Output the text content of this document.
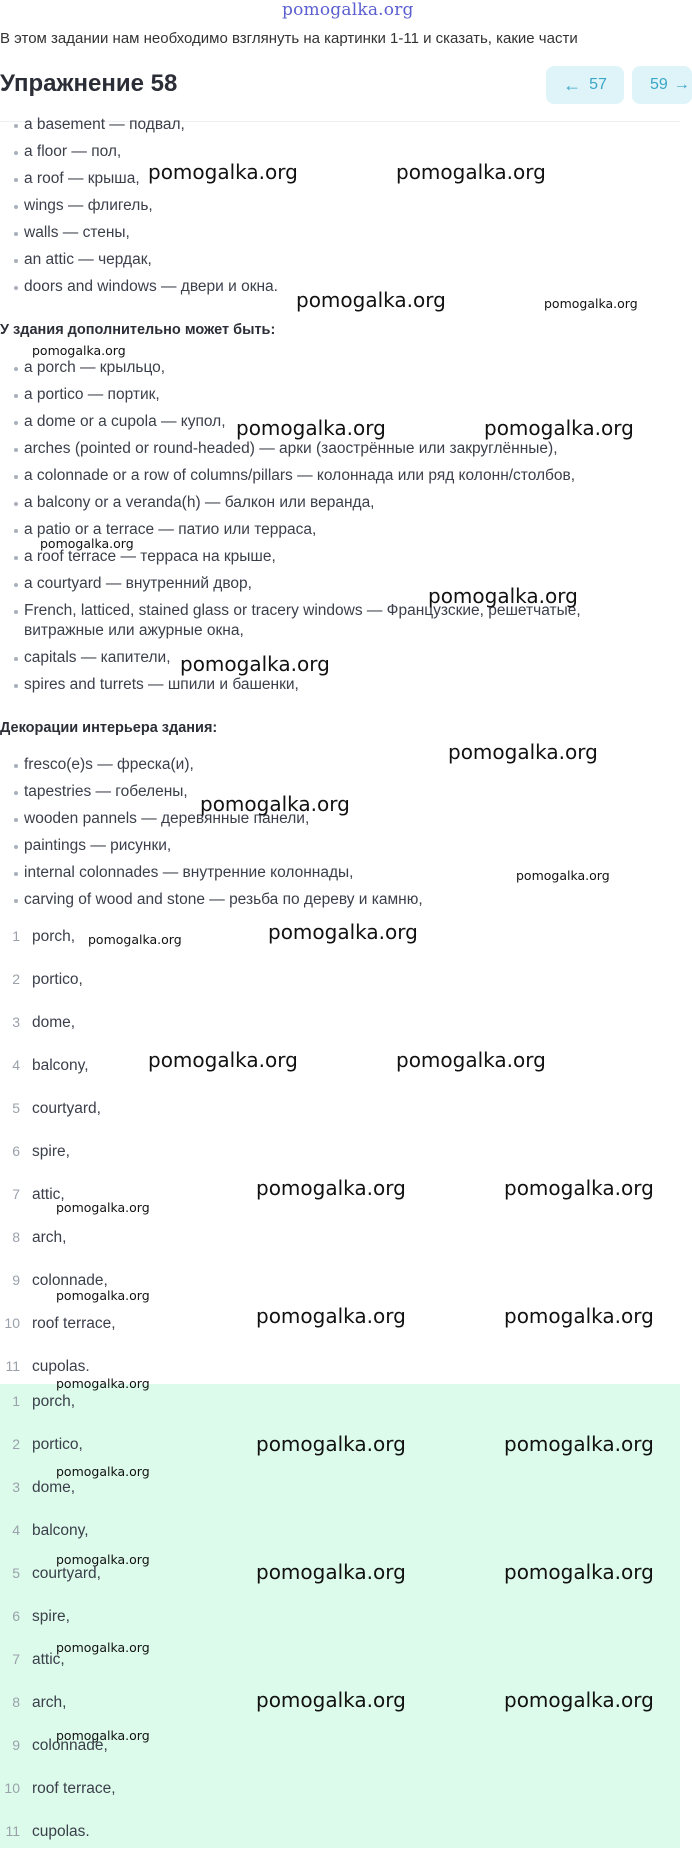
pomogalka.org
В этом задании нам необходимо взглянуть на картинки 1-11 и сказать, какие части
Упражнение 58	← 57	59 →
a basement — подвал,
a floor — пол,
a roof — крыша,
wings — флигель,
walls — стены,
an attic — чердак,
doors and windows — двери и окна.
У здания дополнительно может быть:
a porch — крыльцо,
a portico — портик,
a dome or a cupola — купол,
arches (pointed or round-headed) — арки (заострённые или закруглённые),
a colonnade or a row of columns/pillars — колоннада или ряд колонн/столбов,
a balcony or a veranda(h) — балкон или веранда,
a patio or a terrace — патио или терраса,
a roof terrace — терраса на крыше,
a courtyard — внутренний двор,
French, latticed, stained glass or tracery windows — Французские, решетчатые,
витражные или ажурные окна,
capitals — капители,
spires and turrets — шпили и башенки,
Декорации интерьера здания:
fresco(e)s — фреска(и),
tapestries — гобелены,
wooden pannels — деревянные панели,
paintings — рисунки,
internal colonnades — внутренние колоннады,
carving of wood and stone — резьба по дереву и камню,
1 porch,
2 portico,
3 dome,
4 balcony,
5 courtyard,
6 spire,
7 attic,
8 arch,
9 colonnade,
10 roof terrace,
11 cupolas.
1 porch,
2 portico,
3 dome,
4 balcony,
5 courtyard,
6 spire,
7 attic,
8 arch,
9 colonnade,
10 roof terrace,
11 cupolas.
pomogalka.org	pomogalka.org
pomogalka.org	pomogalka.org
pomogalka.org
pomogalka.org	pomogalka.org
pomogalka.org
pomogalka.org
pomogalka.org
pomogalka.org
pomogalka.org
pomogalka.org
pomogalka.org	pomogalka.org
pomogalka.org	pomogalka.org
pomogalka.org	pomogalka.org
pomogalka.org
pomogalka.org
pomogalka.org	pomogalka.org
pomogalka.org
pomogalka.org	pomogalka.org
pomogalka.org
pomogalka.org	pomogalka.org
pomogalka.org
pomogalka.org
pomogalka.org	pomogalka.org
pomogalka.org
